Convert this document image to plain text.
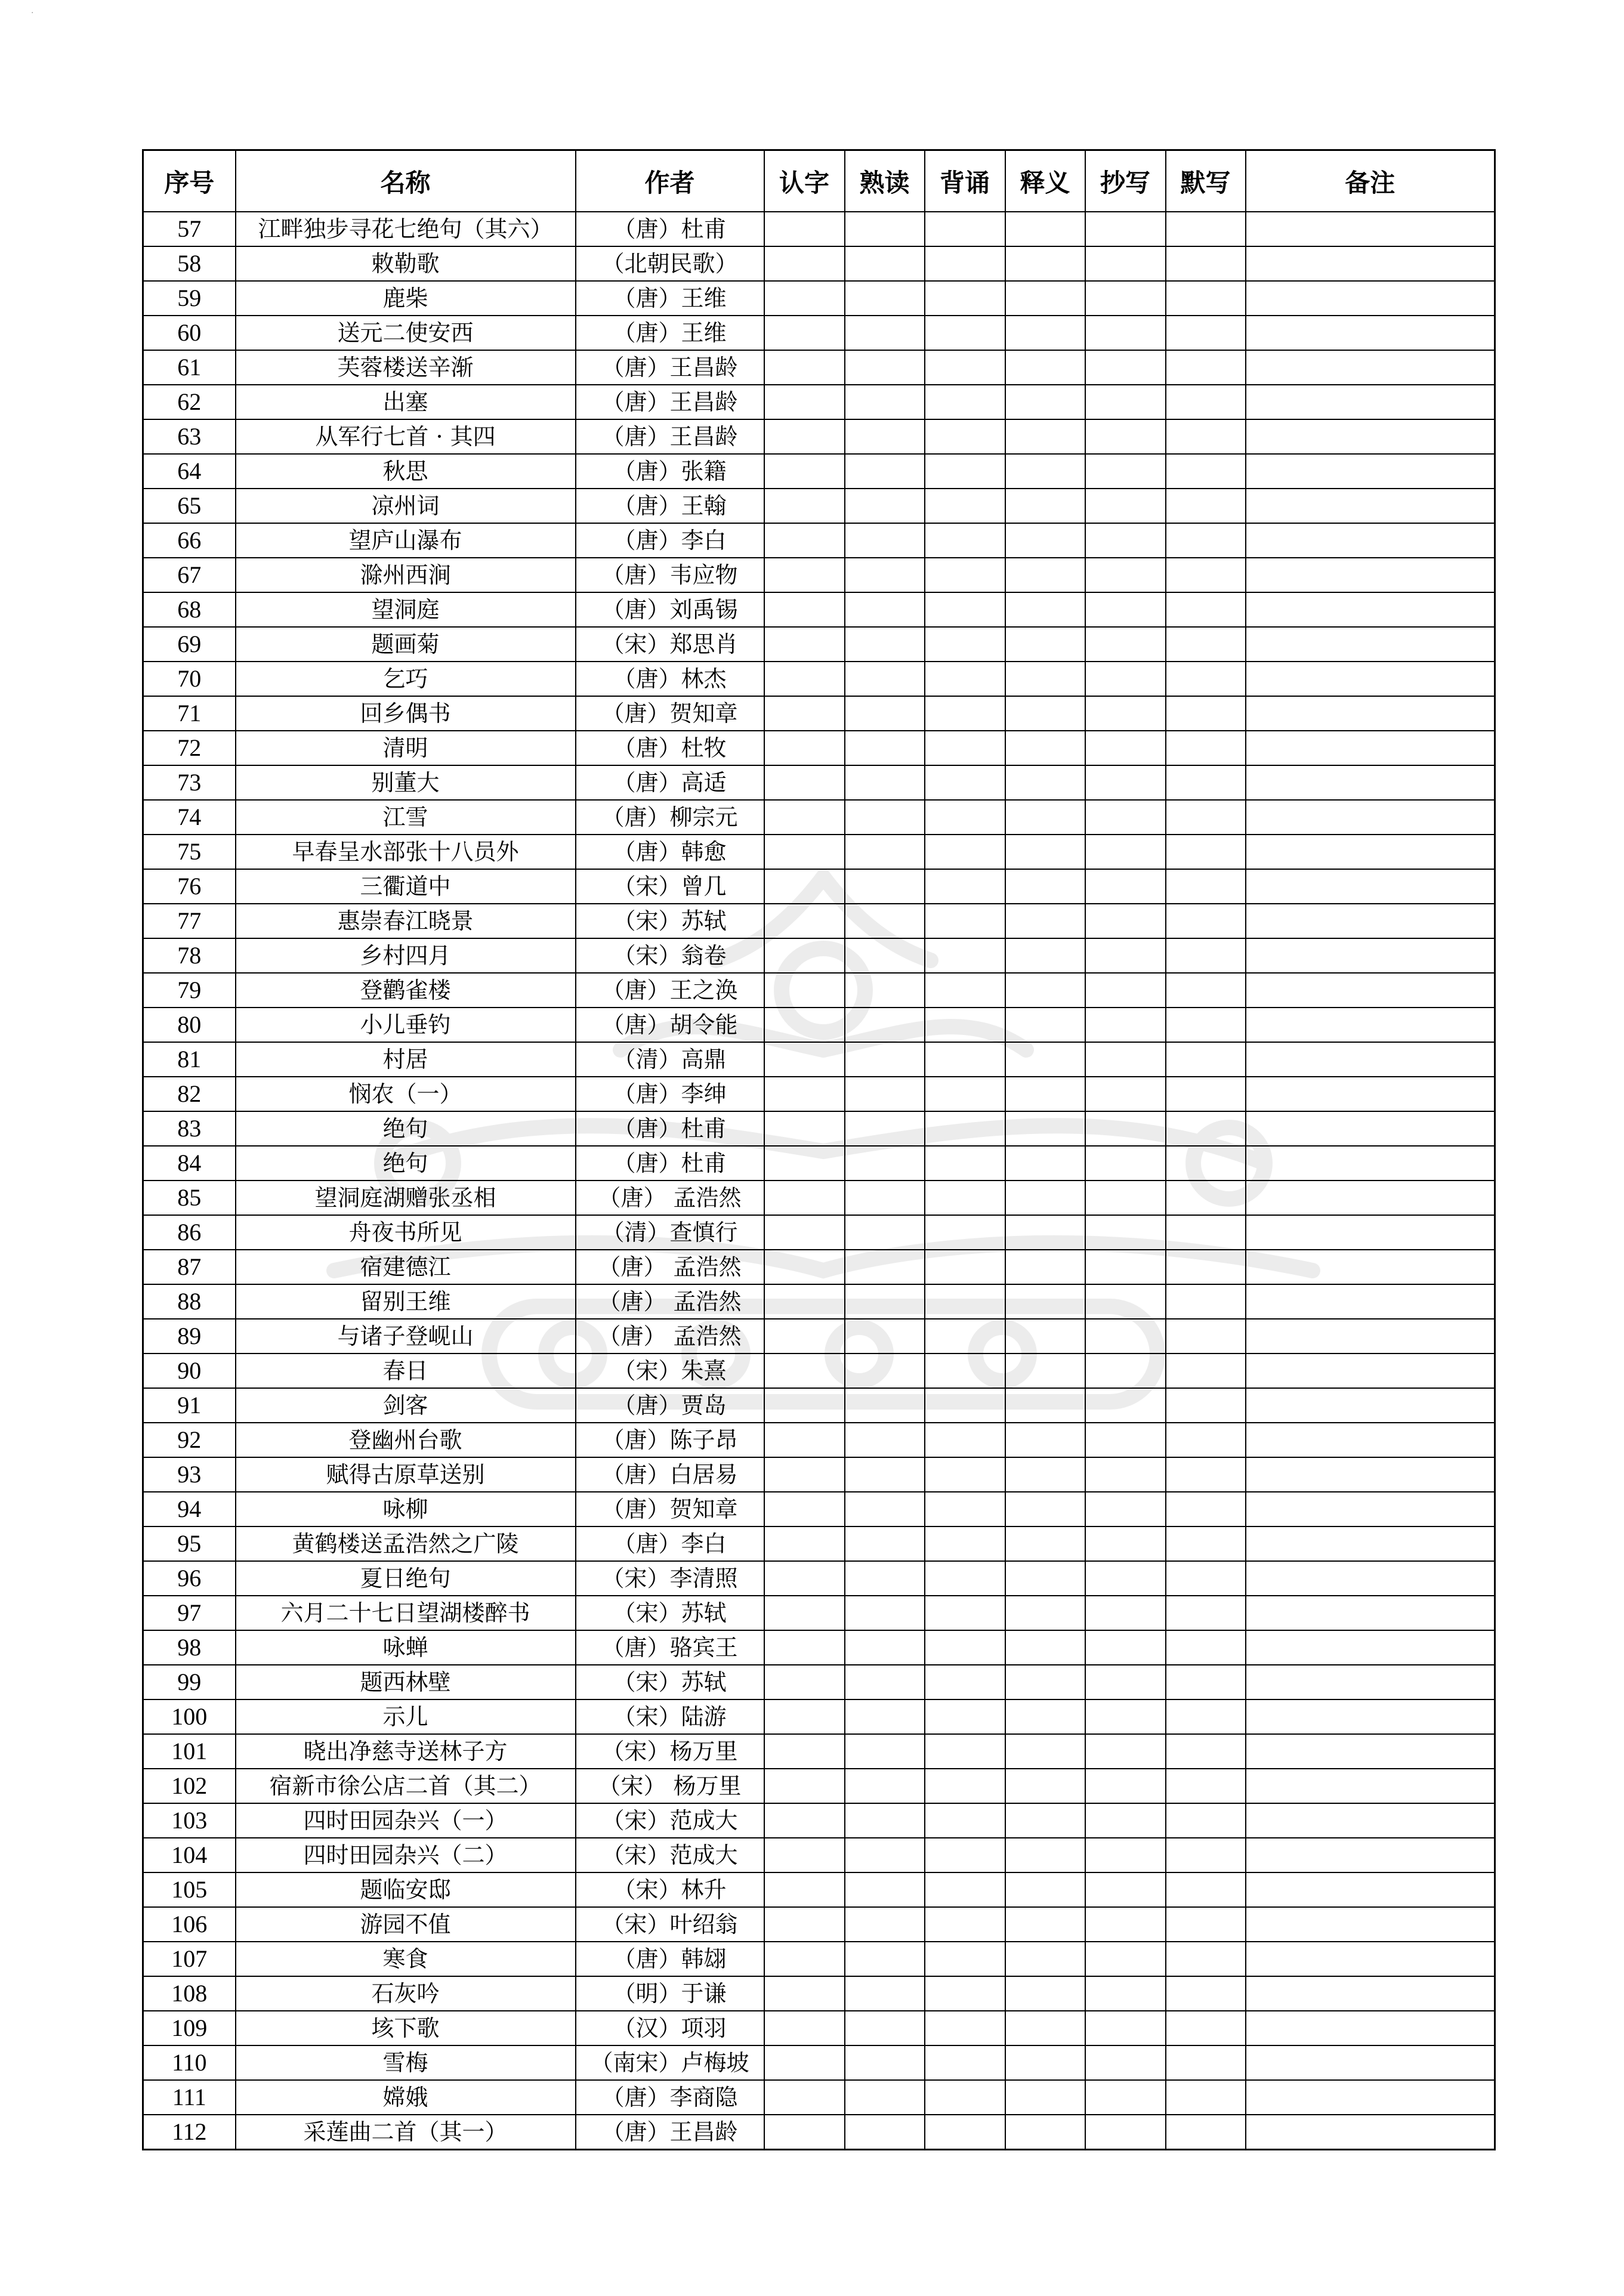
.
序号	名称	作者	认字	熟读	背诵	释义	抄写	默写	备注
57	江畔独步寻花七绝句（其六）	（唐）杜甫							
58	敕勒歌	（北朝民歌）							
59	鹿柴	（唐）王维							
60	送元二使安西	（唐）王维							
61	芙蓉楼送辛渐	（唐）王昌龄							
62	出塞	（唐）王昌龄							
63	从军行七首 · 其四	（唐）王昌龄							
64	秋思	（唐）张籍							
65	凉州词	（唐）王翰							
66	望庐山瀑布	（唐）李白							
67	滁州西涧	（唐）韦应物							
68	望洞庭	（唐）刘禹锡							
69	题画菊	（宋）郑思肖							
70	乞巧	（唐）林杰							
71	回乡偶书	（唐）贺知章							
72	清明	（唐）杜牧							
73	别董大	（唐）高适							
74	江雪	（唐）柳宗元							
75	早春呈水部张十八员外	（唐）韩愈							
76	三衢道中	（宋）曾几							
77	惠崇春江晓景	（宋）苏轼							
78	乡村四月	（宋）翁卷							
79	登鹳雀楼	（唐）王之涣							
80	小儿垂钓	（唐）胡令能							
81	村居	（清）高鼎							
82	悯农（一）	（唐）李绅							
83	绝句	（唐）杜甫							
84	绝句	（唐）杜甫							
85	望洞庭湖赠张丞相	（唐） 孟浩然							
86	舟夜书所见	（清）查慎行							
87	宿建德江	（唐） 孟浩然							
88	留别王维	（唐） 孟浩然							
89	与诸子登岘山	（唐） 孟浩然							
90	春日	（宋）朱熹							
91	剑客	（唐）贾岛							
92	登幽州台歌	（唐）陈子昂							
93	赋得古原草送别	（唐）白居易							
94	咏柳	（唐）贺知章							
95	黄鹤楼送孟浩然之广陵	（唐）李白							
96	夏日绝句	（宋）李清照							
97	六月二十七日望湖楼醉书	（宋）苏轼							
98	咏蝉	（唐）骆宾王							
99	题西林壁	（宋）苏轼							
100	示儿	（宋）陆游							
101	晓出净慈寺送林子方	（宋）杨万里							
102	宿新市徐公店二首（其二）	（宋） 杨万里							
103	四时田园杂兴（一）	（宋）范成大							
104	四时田园杂兴（二）	（宋）范成大							
105	题临安邸	（宋）林升							
106	游园不值	（宋）叶绍翁							
107	寒食	（唐）韩翃							
108	石灰吟	（明）于谦							
109	垓下歌	（汉）项羽							
110	雪梅	（南宋）卢梅坡							
111	嫦娥	（唐）李商隐							
112	采莲曲二首（其一）	（唐）王昌龄							
